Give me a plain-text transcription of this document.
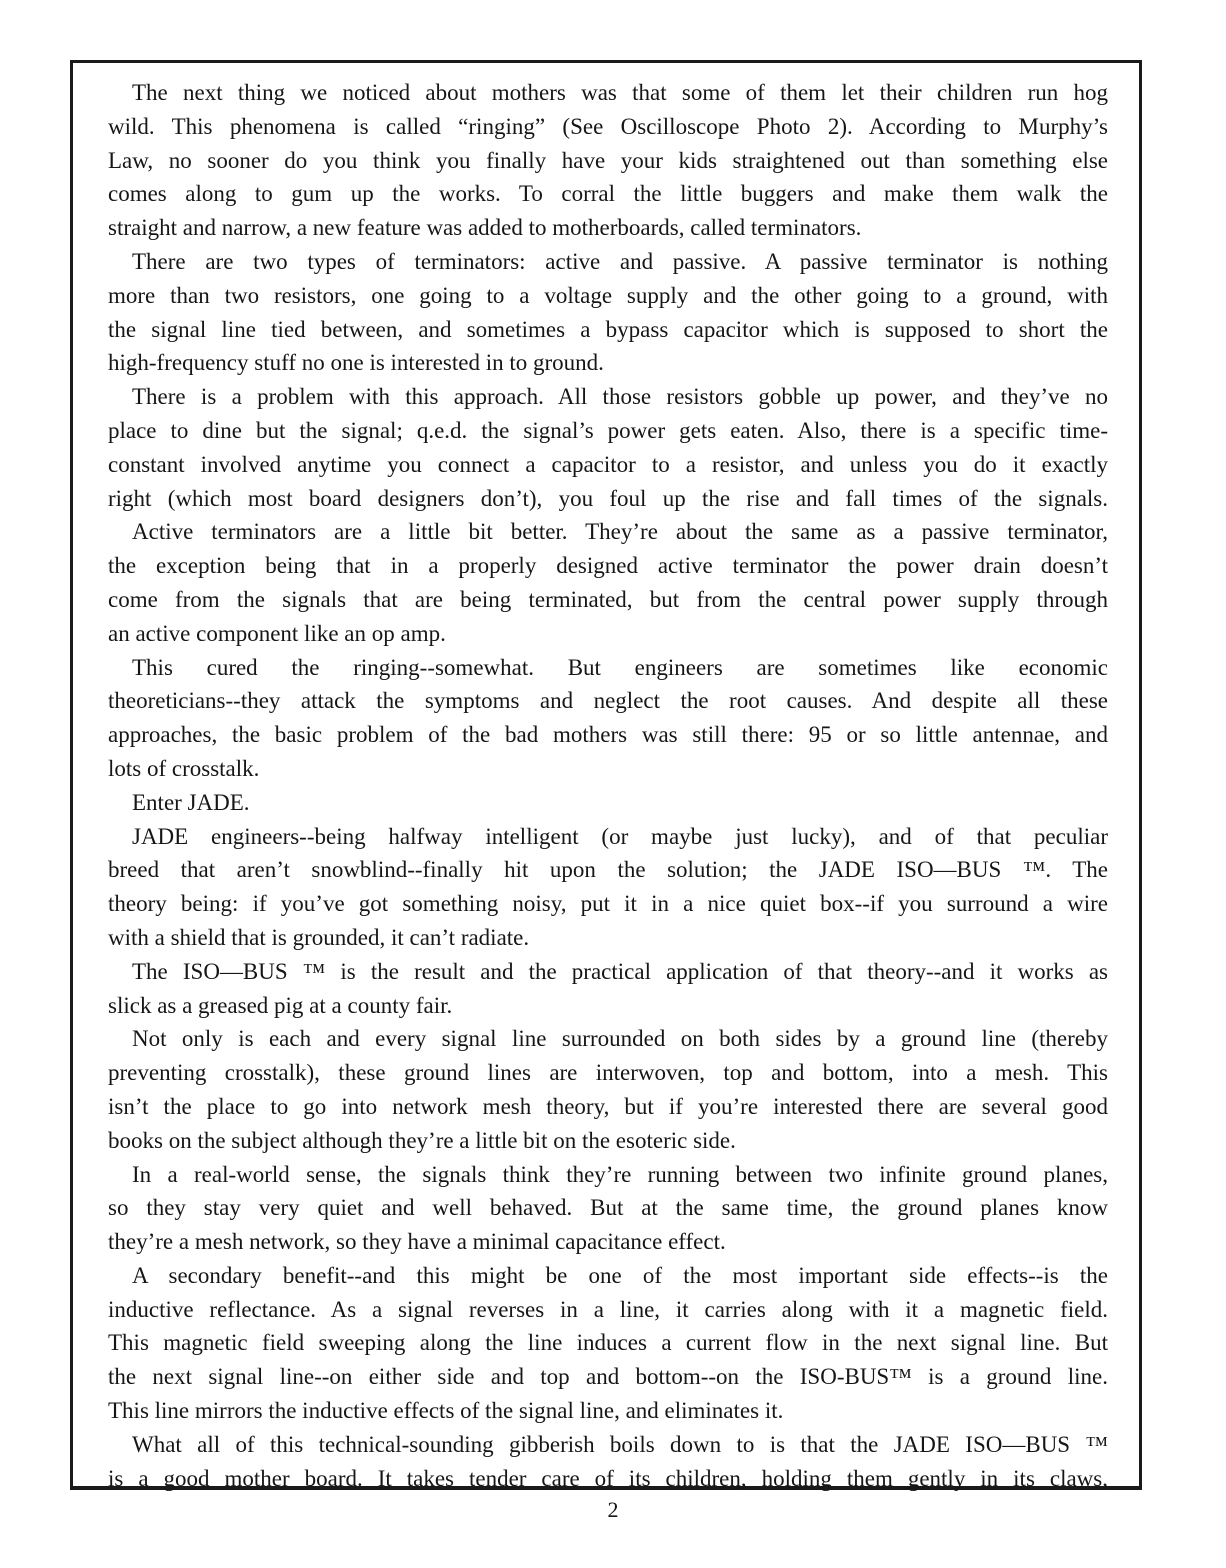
The next thing we noticed about mothers was that some of them let their children run hog
wild. This phenomena is called “ringing” (See Oscilloscope Photo 2). According to Murphy’s
Law, no sooner do you think you finally have your kids straightened out than something else
comes along to gum up the works. To corral the little buggers and make them walk the
straight and narrow, a new feature was added to motherboards, called terminators.
There are two types of terminators: active and passive. A passive terminator is nothing
more than two resistors, one going to a voltage supply and the other going to a ground, with
the signal line tied between, and sometimes a bypass capacitor which is supposed to short the
high-frequency stuff no one is interested in to ground.
There is a problem with this approach. All those resistors gobble up power, and they’ve no
place to dine but the signal; q.e.d. the signal’s power gets eaten. Also, there is a specific time-
constant involved anytime you connect a capacitor to a resistor, and unless you do it exactly
right (which most board designers don’t), you foul up the rise and fall times of the signals.
Active terminators are a little bit better. They’re about the same as a passive terminator,
the exception being that in a properly designed active terminator the power drain doesn’t
come from the signals that are being terminated, but from the central power supply through
an active component like an op amp.
This cured the ringing--somewhat. But engineers are sometimes like economic
theoreticians--they attack the symptoms and neglect the root causes. And despite all these
approaches, the basic problem of the bad mothers was still there: 95 or so little antennae, and
lots of crosstalk.
Enter JADE.
JADE engineers--being halfway intelligent (or maybe just lucky), and of that peculiar
breed that aren’t snowblind--finally hit upon the solution; the JADE ISO—BUS ™. The
theory being: if you’ve got something noisy, put it in a nice quiet box--if you surround a wire
with a shield that is grounded, it can’t radiate.
The ISO—BUS ™ is the result and the practical application of that theory--and it works as
slick as a greased pig at a county fair.
Not only is each and every signal line surrounded on both sides by a ground line (thereby
preventing crosstalk), these ground lines are interwoven, top and bottom, into a mesh. This
isn’t the place to go into network mesh theory, but if you’re interested there are several good
books on the subject although they’re a little bit on the esoteric side.
In a real-world sense, the signals think they’re running between two infinite ground planes,
so they stay very quiet and well behaved. But at the same time, the ground planes know
they’re a mesh network, so they have a minimal capacitance effect.
A secondary benefit--and this might be one of the most important side effects--is the
inductive reflectance. As a signal reverses in a line, it carries along with it a magnetic field.
This magnetic field sweeping along the line induces a current flow in the next signal line. But
the next signal line--on either side and top and bottom--on the ISO-BUS™ is a ground line.
This line mirrors the inductive effects of the signal line, and eliminates it.
What all of this technical-sounding gibberish boils down to is that the JADE ISO—BUS ™
is a good mother board. It takes tender care of its children, holding them gently in its claws,
2
